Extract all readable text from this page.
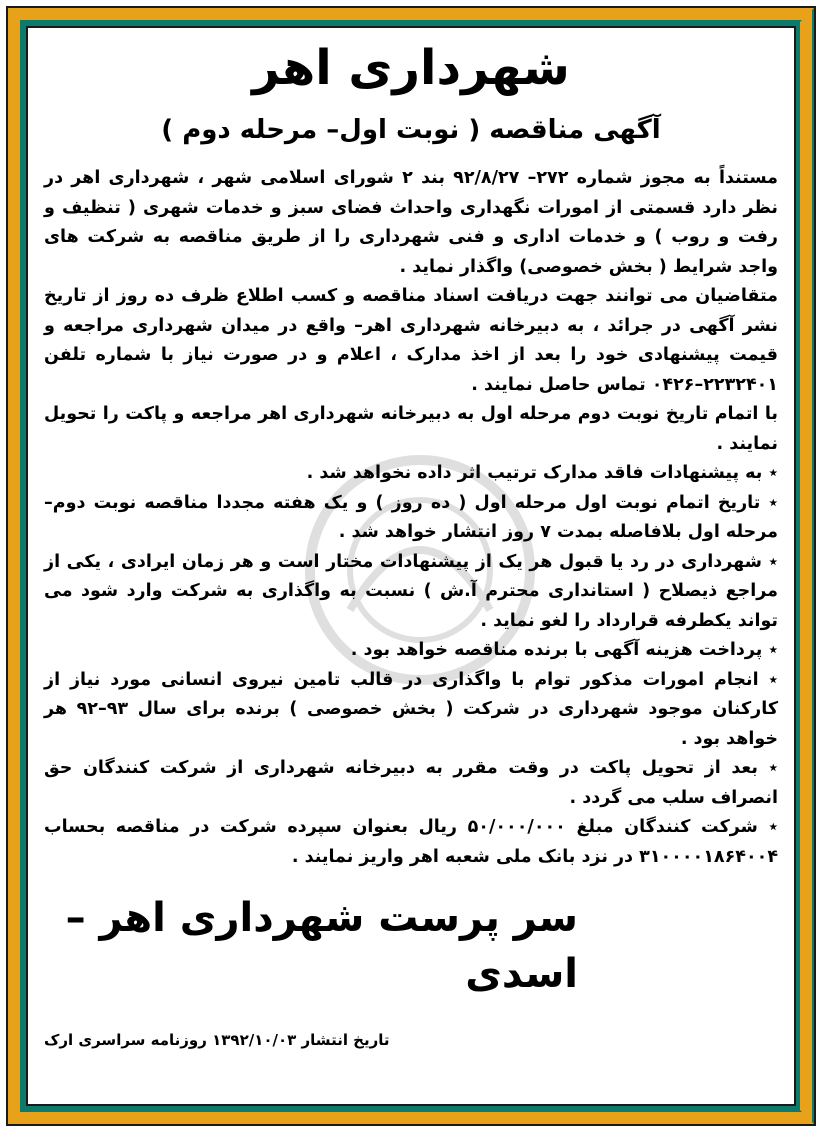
شهرداری اهر
آگهی مناقصه ( نوبت اول– مرحله دوم )

مستنداً به مجوز شماره ۲۷۲– ۹۲/۸/۲۷ بند ۲ شورای اسلامی شهر ، شهرداری اهر در نظر دارد قسمتی از امورات نگهداری واحداث فضای سبز و خدمات شهری ( تنظیف و رفت و روب ) و خدمات اداری و فنی شهرداری را از طریق مناقصه به شرکت های واجد شرایط ( بخش خصوصی) واگذار نماید .

متقاضیان می توانند جهت دریافت اسناد مناقصه و کسب اطلاع ظرف ده روز از تاریخ نشر آگهی در جرائد ، به دبیرخانه شهرداری اهر– واقع در میدان شهرداری مراجعه و قیمت پیشنهادی خود را بعد از اخذ مدارک ، اعلام و در صورت نیاز با شماره تلفن ۲۲۳۲۴۰۱–۰۴۲۶ تماس حاصل نمایند .

با اتمام تاریخ نوبت دوم مرحله اول به دبیرخانه شهرداری اهر مراجعه و پاکت را تحویل نمایند .

٭ به پیشنهادات فاقد مدارک ترتیب اثر داده نخواهد شد .

٭ تاریخ اتمام نوبت اول مرحله اول ( ده روز ) و یک هفته مجددا مناقصه نوبت دوم– مرحله اول بلافاصله بمدت ۷ روز انتشار خواهد شد .

٭ شهرداری در رد یا قبول هر یک از پیشنهادات مختار است و هر زمان ایرادی ، یکی از مراجع ذیصلاح ( استانداری محترم آ.ش ) نسبت به واگذاری به شرکت وارد شود می تواند یکطرفه قرارداد را لغو نماید .

٭ پرداخت هزینه آگهی با برنده مناقصه خواهد بود .

٭ انجام امورات مذکور توام با واگذاری در قالب تامین نیروی انسانی مورد نیاز از کارکنان موجود شهرداری در شرکت ( بخش خصوصی ) برنده برای سال ۹۳–۹۲ هر خواهد بود .

٭ بعد از تحویل پاکت در وقت مقرر به دبیرخانه شهرداری از شرکت کنندگان حق انصراف سلب می گردد .

٭ شرکت کنندگان مبلغ ۵۰/۰۰۰/۰۰۰ ریال بعنوان سپرده شرکت در مناقصه بحساب ۳۱۰۰۰۰۱۸۶۴۰۰۴ در نزد بانک ملی شعبه اهر واریز نمایند .

سر پرست شهرداری اهر – اسدی
تاریخ انتشار ۱۳۹۲/۱۰/۰۳ روزنامه سراسری ارک
